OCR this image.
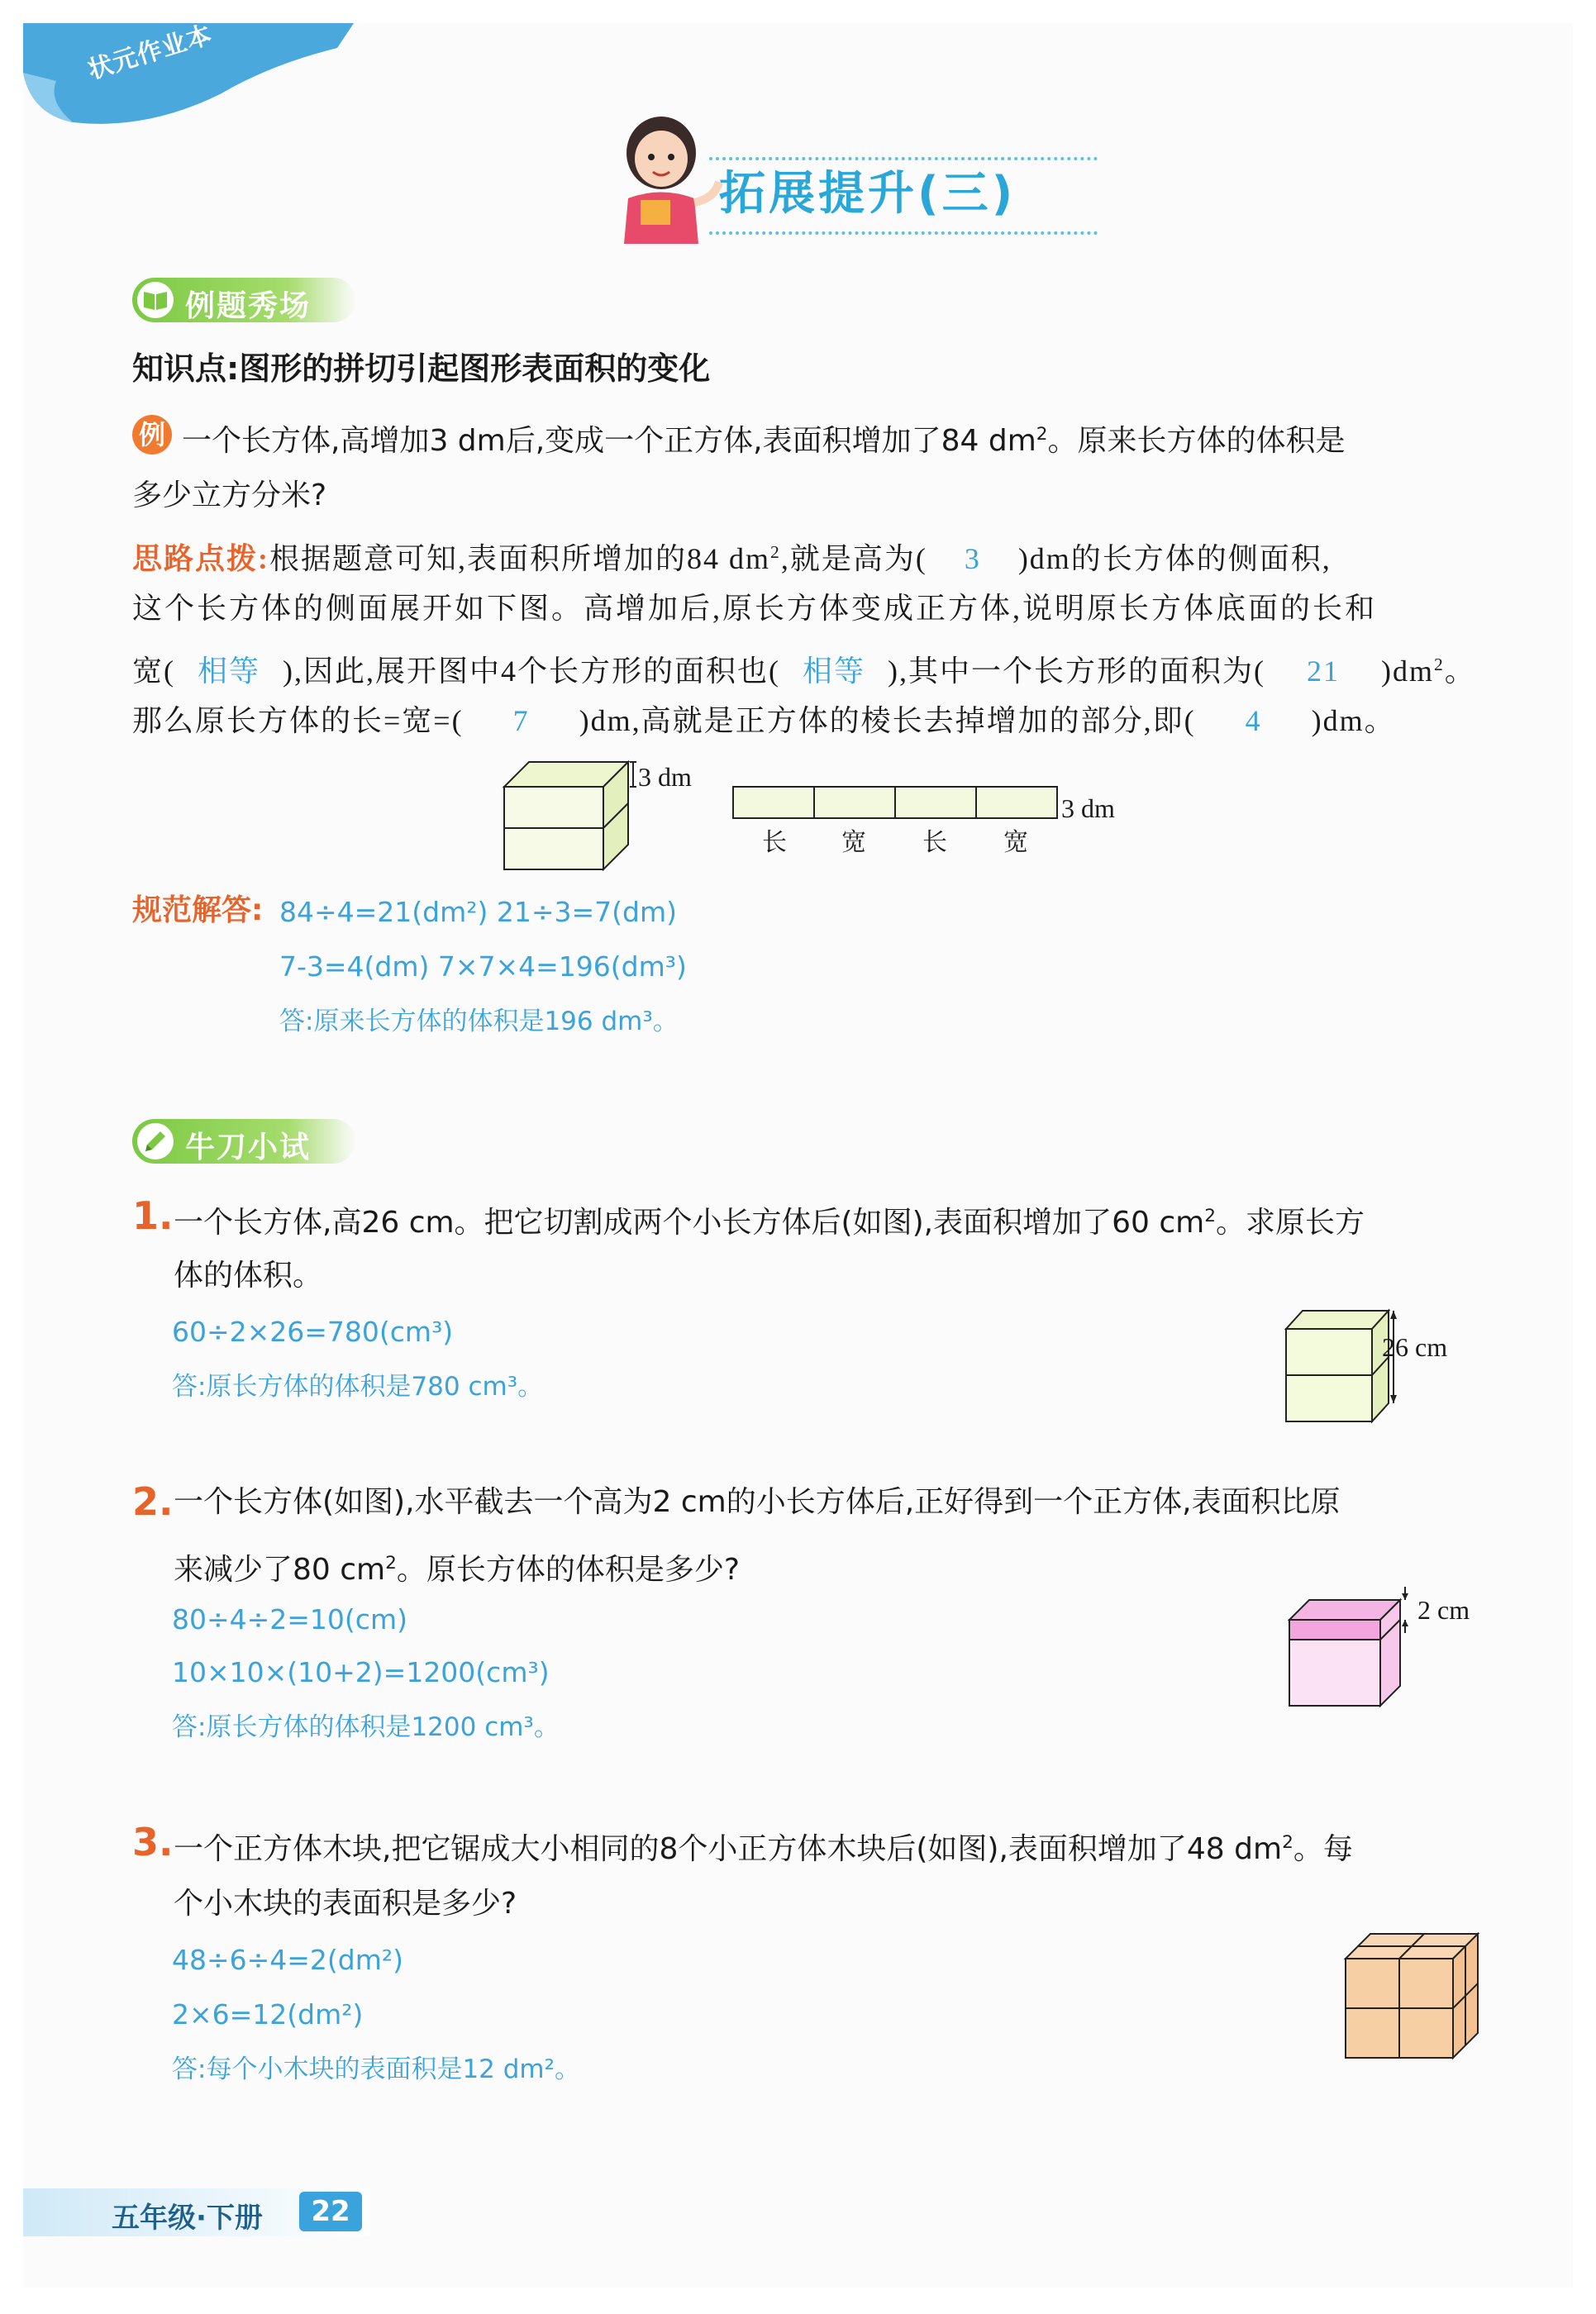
状元作业本
拓展提升(三)
例题秀场
知识点:图形的拼切引起图形表面积的变化
例 一个长方体,高增加3 dm后,变成一个正方体,表面积增加了84 $dm^2$。原来长方体的体积是
多少立方分米?
思路点拨:根据题意可知,表面积所增加的84 $dm^2$,就是高为( 3 )dm的长方体的侧面积,
这个长方体的侧面展开如下图。高增加后,原长方体变成正方体,说明原长方体底面的长和
宽( 相等 ),因此,展开图中4个长方形的面积也( 相等 ),其中一个长方形的面积为( 21 )$dm^2$。
那么原长方体的长=宽=( 7 )dm,高就是正方体的棱长去掉增加的部分,即( 4 )dm。
3 dm
3 dm
长 宽 长 宽
规范解答: 84÷4=21(dm²) 21÷3=7(dm)
7-3=4(dm) 7×7×4=196(dm³)
答:原来长方体的体积是196 dm³。
牛刀小试
1. 一个长方体,高26 cm。把它切割成两个小长方体后(如图),表面积增加了60 $cm^2$。求原长方
体的体积。
60÷2×26=780(cm³)
答:原长方体的体积是780 cm³。
26 cm
2. 一个长方体(如图),水平截去一个高为2 cm的小长方体后,正好得到一个正方体,表面积比原
来减少了80 $cm^2$。原长方体的体积是多少?
80÷4÷2=10(cm)
10×10×(10+2)=1200(cm³)
答:原长方体的体积是1200 cm³。
2 cm
3. 一个正方体木块,把它锯成大小相同的8个小正方体木块后(如图),表面积增加了48 $dm^2$。每
个小木块的表面积是多少?
48÷6÷4=2(dm²)
2×6=12(dm²)
答:每个小木块的表面积是12 dm²。
五年级·下册	22
